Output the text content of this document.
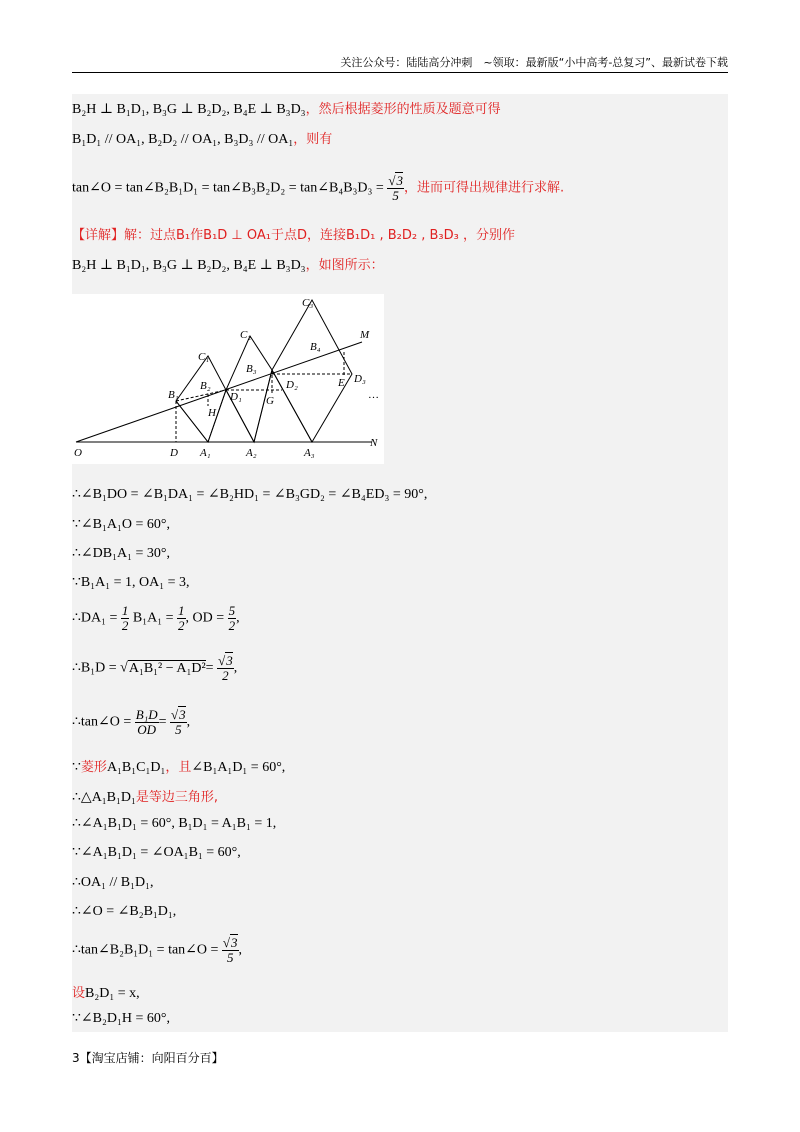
关注公众号：陆陆高分冲刺　~领取：最新版“小中高考-总复习”、最新试卷下载
B₂H ⊥ B₁D₁, B₃G ⊥ B₂D₂, B₄E ⊥ B₃D₃，然后根据菱形的性质及题意可得
B₁D₁ // OA₁, B₂D₂ // OA₁, B₃D₃ // OA₁，则有
tan∠O = tan∠B₂B₁D₁ = tan∠B₃B₂D₂ = tan∠B₄B₃D₃ = $\frac{√3}{5}$ ，进而可得出规律进行求解.
【详解】解：过点B₁作B₁D ⊥ OA₁于点D，连接B₁D₁ , B₂D₂ , B₃D₃ ，分别作
B₂H ⊥ B₁D₁, B₃G ⊥ B₂D₂, B₄E ⊥ B₃D₃，如图所示：
O	D A₁	A₂	A₃
N
M
B₁
B₂
B₃
B₄
C₁
C₂
C₃
D₁
D₂	D₃
H
G
E
…
∴∠B₁DO = ∠B₁DA₁ = ∠B₂HD₁ = ∠B₃GD₂ = ∠B₄ED₃ = 90°,
∵∠B₁A₁O = 60°,
∴∠DB₁A₁ = 30°,
∵B₁A₁ = 1, OA₁ = 3,
∴DA₁ = $\frac{1}{2} B_1A_1 = \frac{1}{2}$ , OD = $\frac{5}{2}$ ,
∴B₁D = $√A_1B_1^2 - A_1D^2= \frac{√3}{2}$ ,
∴tan∠O = $\frac{\text{B₁D}}{OD} = \frac{√3}{5}$ ,
∵菱形A₁B₁C₁D₁，且∠B₁A₁D₁ = 60°,
∴△A₁B₁D₁是等边三角形,
∴∠A₁B₁D₁ = 60°, B₁D₁ = A₁B₁ = 1,
∵∠A₁B₁D₁ = ∠OA₁B₁ = 60°,
∴OA₁ // B₁D₁,
∴∠O = ∠B₂B₁D₁,
∴tan∠B₂B₁D₁ = tan∠O = $\frac{√3}{5}$ ,
设B₂D₁ = x,
∵∠B₂D₁H = 60°,
3【淘宝店铺：向阳百分百】
